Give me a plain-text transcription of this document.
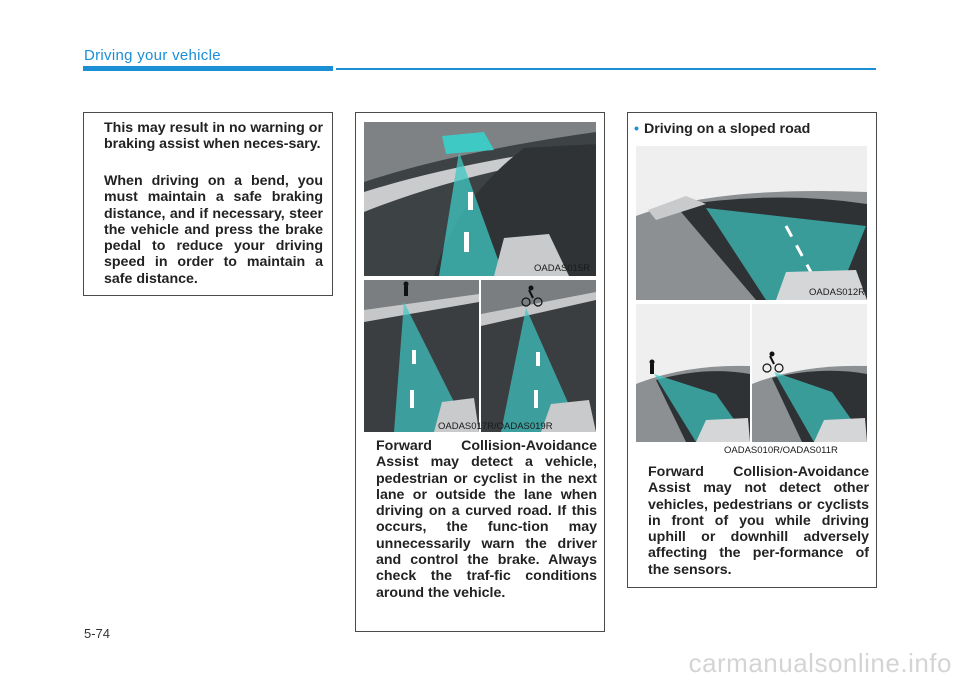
Driving your vehicle

This may result in no warning or braking assist when neces-sary.

When driving on a bend, you must maintain a safe braking distance, and if necessary, steer the vehicle and press the brake pedal to reduce your driving speed in order to maintain a safe distance.

OADAS015R
OADAS017R/OADAS019R

Forward Collision-Avoidance Assist may detect a vehicle, pedestrian or cyclist in the next lane or outside the lane when driving on a curved road. If this occurs, the func-tion may unnecessarily warn the driver and control the brake. Always check the traf-fic conditions around the vehicle.

• Driving on a sloped road
OADAS012R
OADAS010R/OADAS011R

Forward Collision-Avoidance Assist may not detect other vehicles, pedestrians or cyclists in front of you while driving uphill or downhill adversely affecting the per-formance of the sensors.

5-74
carmanualsonline.info
